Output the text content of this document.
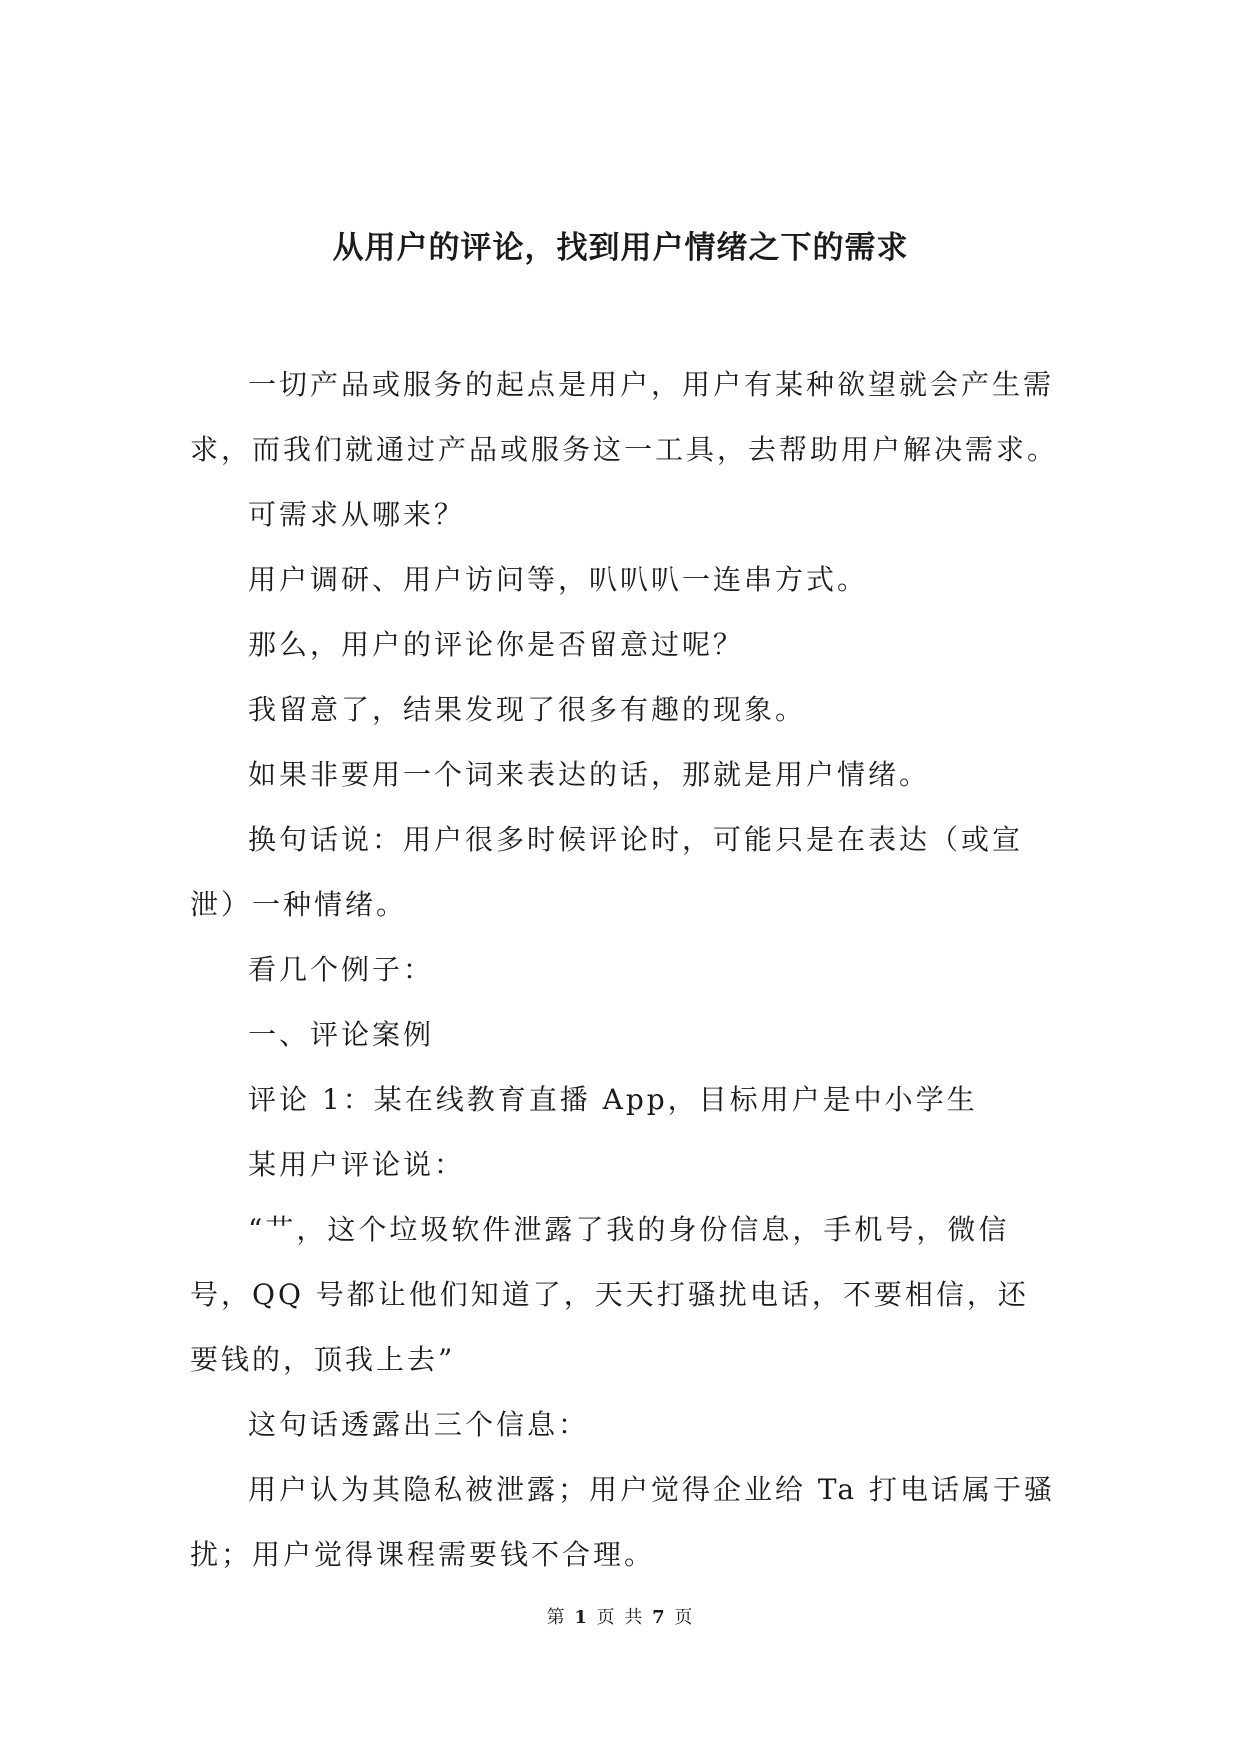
从用户的评论，找到用户情绪之下的需求

一切产品或服务的起点是用户，用户有某种欲望就会产生需求，而我们就通过产品或服务这一工具，去帮助用户解决需求。

可需求从哪来？

用户调研、用户访问等，叭叭叭一连串方式。

那么，用户的评论你是否留意过呢？

我留意了，结果发现了很多有趣的现象。

如果非要用一个词来表达的话，那就是用户情绪。

换句话说：用户很多时候评论时，可能只是在表达（或宣泄）一种情绪。

看几个例子：

一、评论案例

评论 1：某在线教育直播 App，目标用户是中小学生

某用户评论说：

“艹，这个垃圾软件泄露了我的身份信息，手机号，微信号，QQ 号都让他们知道了，天天打骚扰电话，不要相信，还要钱的，顶我上去”

这句话透露出三个信息：

用户认为其隐私被泄露；用户觉得企业给 Ta 打电话属于骚扰；用户觉得课程需要钱不合理。

第 1 页 共 7 页
